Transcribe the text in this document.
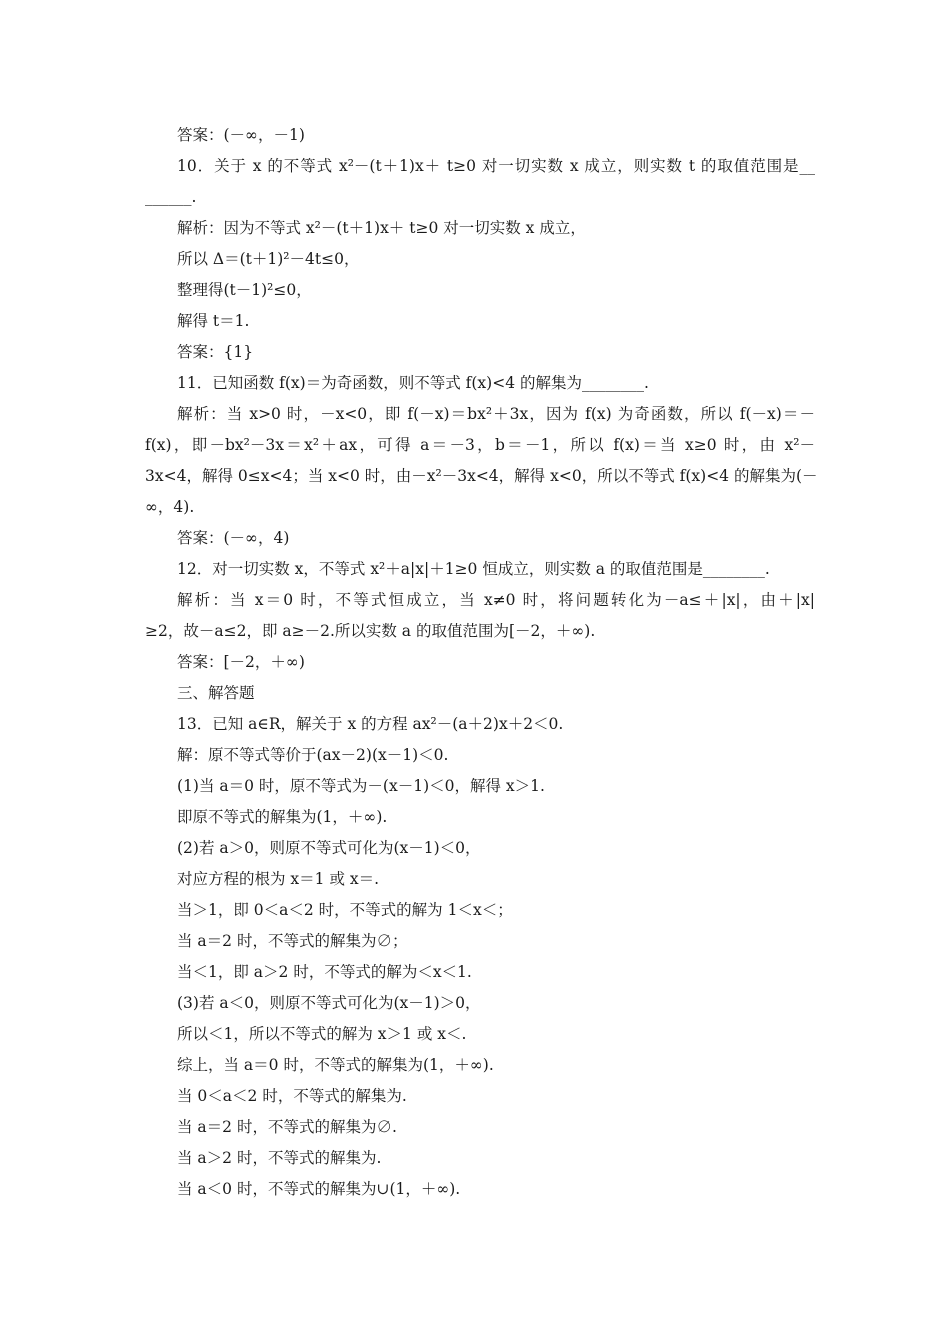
答案：(－∞，－1)
10．关于 x 的不等式 x²－(t＋1)x＋ t≥0 对一切实数 x 成立，则实数 t 的取值范围是__
______.
解析：因为不等式 x²－(t＋1)x＋ t≥0 对一切实数 x 成立，
所以 Δ＝(t＋1)²－4t≤0，
整理得(t－1)²≤0，
解得 t＝1.
答案：{1}
11．已知函数 f(x)＝为奇函数，则不等式 f(x)<4 的解集为________.
解析：当 x>0 时，－x<0，即 f(－x)＝bx²＋3x，因为 f(x) 为奇函数，所以 f(－x)＝－
f(x)，即－bx²－3x＝x²＋ax，可得 a＝－3，b＝－1，所以 f(x)＝当 x≥0 时，由 x²－
3x<4，解得 0≤x<4；当 x<0 时，由－x²－3x<4，解得 x<0，所以不等式 f(x)<4 的解集为(－
∞，4).
答案：(－∞，4)
12．对一切实数 x，不等式 x²＋a|x|＋1≥0 恒成立，则实数 a 的取值范围是________.
解析：当 x＝0 时，不等式恒成立，当 x≠0 时，将问题转化为－a≤＋|x|，由＋|x|
≥2，故－a≤2，即 a≥－2.所以实数 a 的取值范围为[－2，＋∞).
答案：[－2，＋∞)
三、解答题
13．已知 a∈R，解关于 x 的方程 ax²－(a＋2)x＋2＜0.
解：原不等式等价于(ax－2)(x－1)＜0.
(1)当 a＝0 时，原不等式为－(x－1)＜0，解得 x＞1.
即原不等式的解集为(1，＋∞).
(2)若 a＞0，则原不等式可化为(x－1)＜0，
对应方程的根为 x＝1 或 x＝.
当＞1，即 0＜a＜2 时，不等式的解为 1＜x＜；
当 a＝2 时，不等式的解集为∅；
当＜1，即 a＞2 时，不等式的解为＜x＜1.
(3)若 a＜0，则原不等式可化为(x－1)＞0，
所以＜1，所以不等式的解为 x＞1 或 x＜.
综上，当 a＝0 时，不等式的解集为(1，＋∞).
当 0＜a＜2 时，不等式的解集为.
当 a＝2 时，不等式的解集为∅.
当 a＞2 时，不等式的解集为.
当 a＜0 时，不等式的解集为∪(1，＋∞).
